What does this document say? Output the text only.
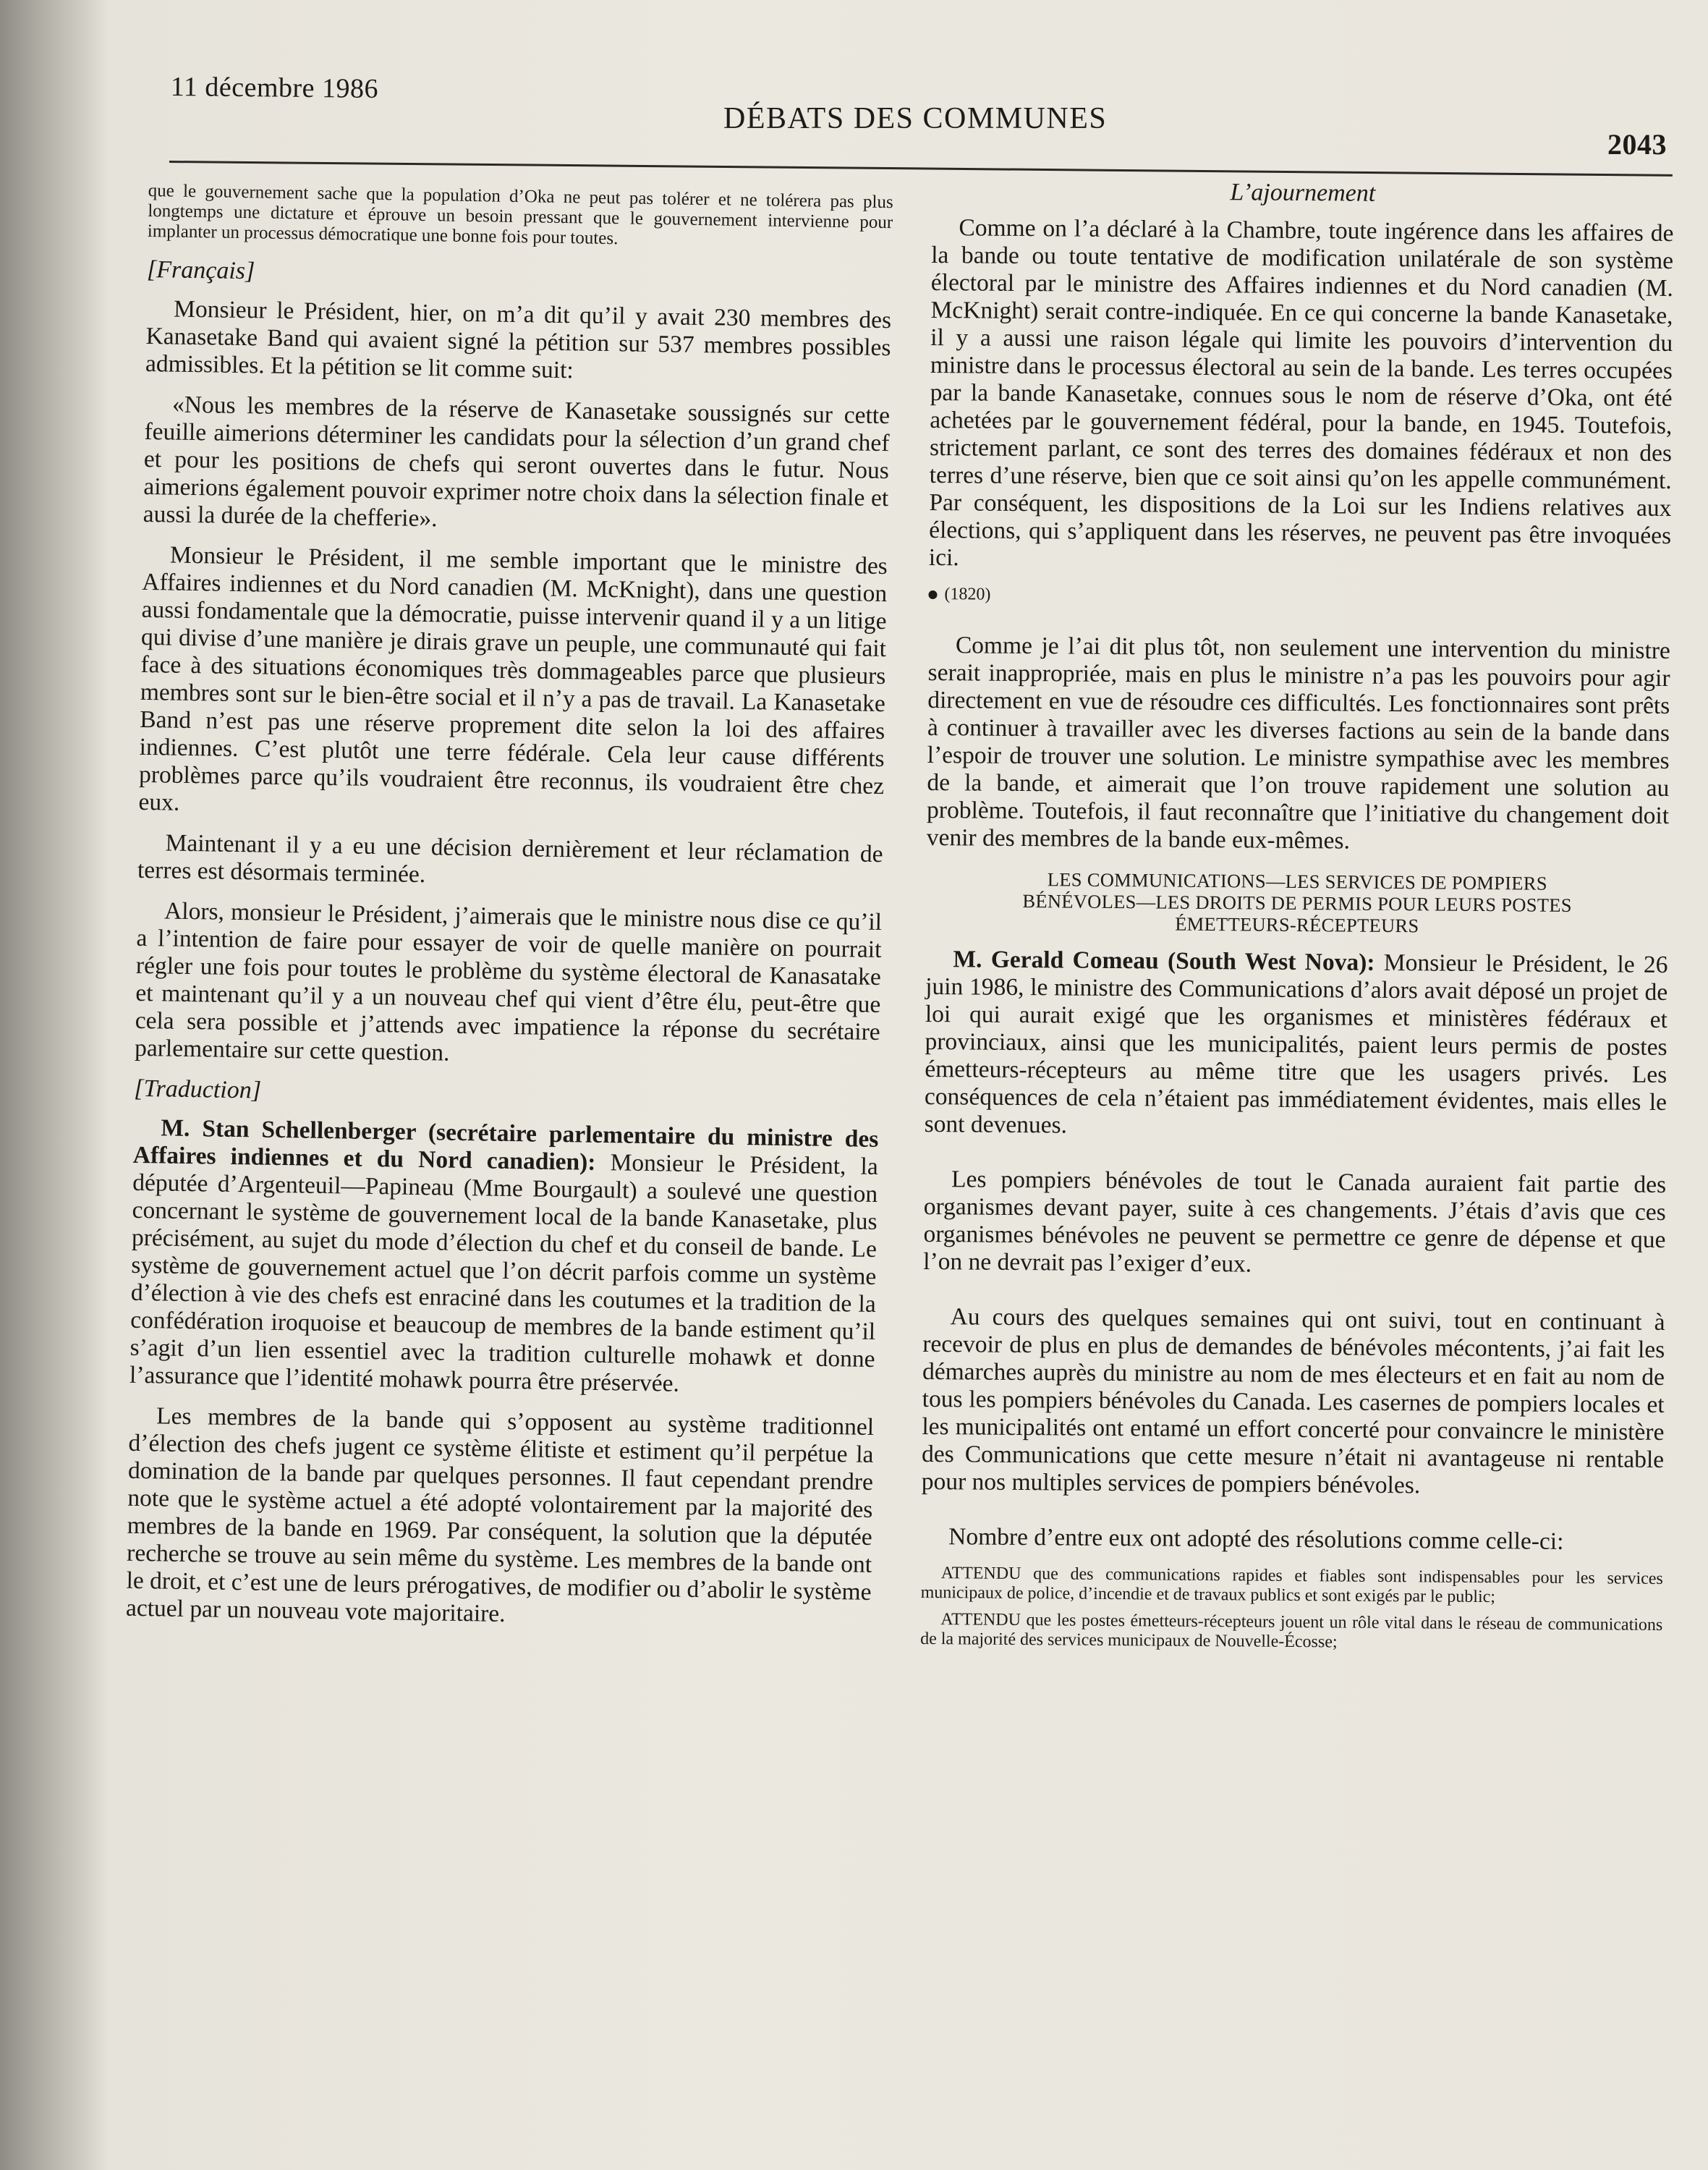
11 décembre 1986
DÉBATS DES COMMUNES
2043

que le gouvernement sache que la population d’Oka ne peut pas tolérer et ne tolérera pas plus longtemps une dictature et éprouve un besoin pressant que le gouvernement intervienne pour implanter un processus démocratique une bonne fois pour toutes.

[Français]

Monsieur le Président, hier, on m’a dit qu’il y avait 230 membres des Kanasetake Band qui avaient signé la pétition sur 537 membres possibles admissibles. Et la pétition se lit comme suit:

«Nous les membres de la réserve de Kanasetake soussignés sur cette feuille aimerions déterminer les candidats pour la sélection d’un grand chef et pour les positions de chefs qui seront ouvertes dans le futur. Nous aimerions également pouvoir exprimer notre choix dans la sélection finale et aussi la durée de la chefferie».

Monsieur le Président, il me semble important que le ministre des Affaires indiennes et du Nord canadien (M. McKnight), dans une question aussi fondamentale que la démocratie, puisse intervenir quand il y a un litige qui divise d’une manière je dirais grave un peuple, une communauté qui fait face à des situations économiques très dommageables parce que plusieurs membres sont sur le bien-être social et il n’y a pas de travail. La Kanasetake Band n’est pas une réserve proprement dite selon la loi des affaires indiennes. C’est plutôt une terre fédérale. Cela leur cause différents problèmes parce qu’ils voudraient être reconnus, ils voudraient être chez eux.

Maintenant il y a eu une décision dernièrement et leur réclamation de terres est désormais terminée.

Alors, monsieur le Président, j’aimerais que le ministre nous dise ce qu’il a l’intention de faire pour essayer de voir de quelle manière on pourrait régler une fois pour toutes le problème du système électoral de Kanasatake et maintenant qu’il y a un nouveau chef qui vient d’être élu, peut-être que cela sera possible et j’attends avec impatience la réponse du secrétaire parlementaire sur cette question.

[Traduction]

M. Stan Schellenberger (secrétaire parlementaire du ministre des Affaires indiennes et du Nord canadien): Monsieur le Président, la députée d’Argenteuil—Papineau (Mme Bourgault) a soulevé une question concernant le système de gouvernement local de la bande Kanasetake, plus précisément, au sujet du mode d’élection du chef et du conseil de bande. Le système de gouvernement actuel que l’on décrit parfois comme un système d’élection à vie des chefs est enraciné dans les coutumes et la tradition de la confédération iroquoise et beaucoup de membres de la bande estiment qu’il s’agit d’un lien essentiel avec la tradition culturelle mohawk et donne l’assurance que l’identité mohawk pourra être préservée.

Les membres de la bande qui s’opposent au système traditionnel d’élection des chefs jugent ce système élitiste et estiment qu’il perpétue la domination de la bande par quelques personnes. Il faut cependant prendre note que le système actuel a été adopté volontairement par la majorité des membres de la bande en 1969. Par conséquent, la solution que la députée recherche se trouve au sein même du système. Les membres de la bande ont le droit, et c’est une de leurs prérogatives, de modifier ou d’abolir le système actuel par un nouveau vote majoritaire.

L’ajournement

Comme on l’a déclaré à la Chambre, toute ingérence dans les affaires de la bande ou toute tentative de modification unilatérale de son système électoral par le ministre des Affaires indiennes et du Nord canadien (M. McKnight) serait contre-indiquée. En ce qui concerne la bande Kanasetake, il y a aussi une raison légale qui limite les pouvoirs d’intervention du ministre dans le processus électoral au sein de la bande. Les terres occupées par la bande Kanasetake, connues sous le nom de réserve d’Oka, ont été achetées par le gouvernement fédéral, pour la bande, en 1945. Toutefois, strictement parlant, ce sont des terres des domaines fédéraux et non des terres d’une réserve, bien que ce soit ainsi qu’on les appelle communément. Par conséquent, les dispositions de la Loi sur les Indiens relatives aux élections, qui s’appliquent dans les réserves, ne peuvent pas être invoquées ici.

(1820)

Comme je l’ai dit plus tôt, non seulement une intervention du ministre serait inappropriée, mais en plus le ministre n’a pas les pouvoirs pour agir directement en vue de résoudre ces difficultés. Les fonctionnaires sont prêts à continuer à travailler avec les diverses factions au sein de la bande dans l’espoir de trouver une solution. Le ministre sympathise avec les membres de la bande, et aimerait que l’on trouve rapidement une solution au problème. Toutefois, il faut reconnaître que l’initiative du changement doit venir des membres de la bande eux-mêmes.

LES COMMUNICATIONS—LES SERVICES DE POMPIERS
BÉNÉVOLES—LES DROITS DE PERMIS POUR LEURS POSTES
ÉMETTEURS-RÉCEPTEURS

M. Gerald Comeau (South West Nova): Monsieur le Président, le 26 juin 1986, le ministre des Communications d’alors avait déposé un projet de loi qui aurait exigé que les organismes et ministères fédéraux et provinciaux, ainsi que les municipalités, paient leurs permis de postes émetteurs-récepteurs au même titre que les usagers privés. Les conséquences de cela n’étaient pas immédiatement évidentes, mais elles le sont devenues.

Les pompiers bénévoles de tout le Canada auraient fait partie des organismes devant payer, suite à ces changements. J’étais d’avis que ces organismes bénévoles ne peuvent se permettre ce genre de dépense et que l’on ne devrait pas l’exiger d’eux.

Au cours des quelques semaines qui ont suivi, tout en continuant à recevoir de plus en plus de demandes de bénévoles mécontents, j’ai fait les démarches auprès du ministre au nom de mes électeurs et en fait au nom de tous les pompiers bénévoles du Canada. Les casernes de pompiers locales et les municipalités ont entamé un effort concerté pour convaincre le ministère des Communications que cette mesure n’était ni avantageuse ni rentable pour nos multiples services de pompiers bénévoles.

Nombre d’entre eux ont adopté des résolutions comme celle-ci:

ATTENDU que des communications rapides et fiables sont indispensables pour les services municipaux de police, d’incendie et de travaux publics et sont exigés par le public;

ATTENDU que les postes émetteurs-récepteurs jouent un rôle vital dans le réseau de communications de la majorité des services municipaux de Nouvelle-Écosse;
